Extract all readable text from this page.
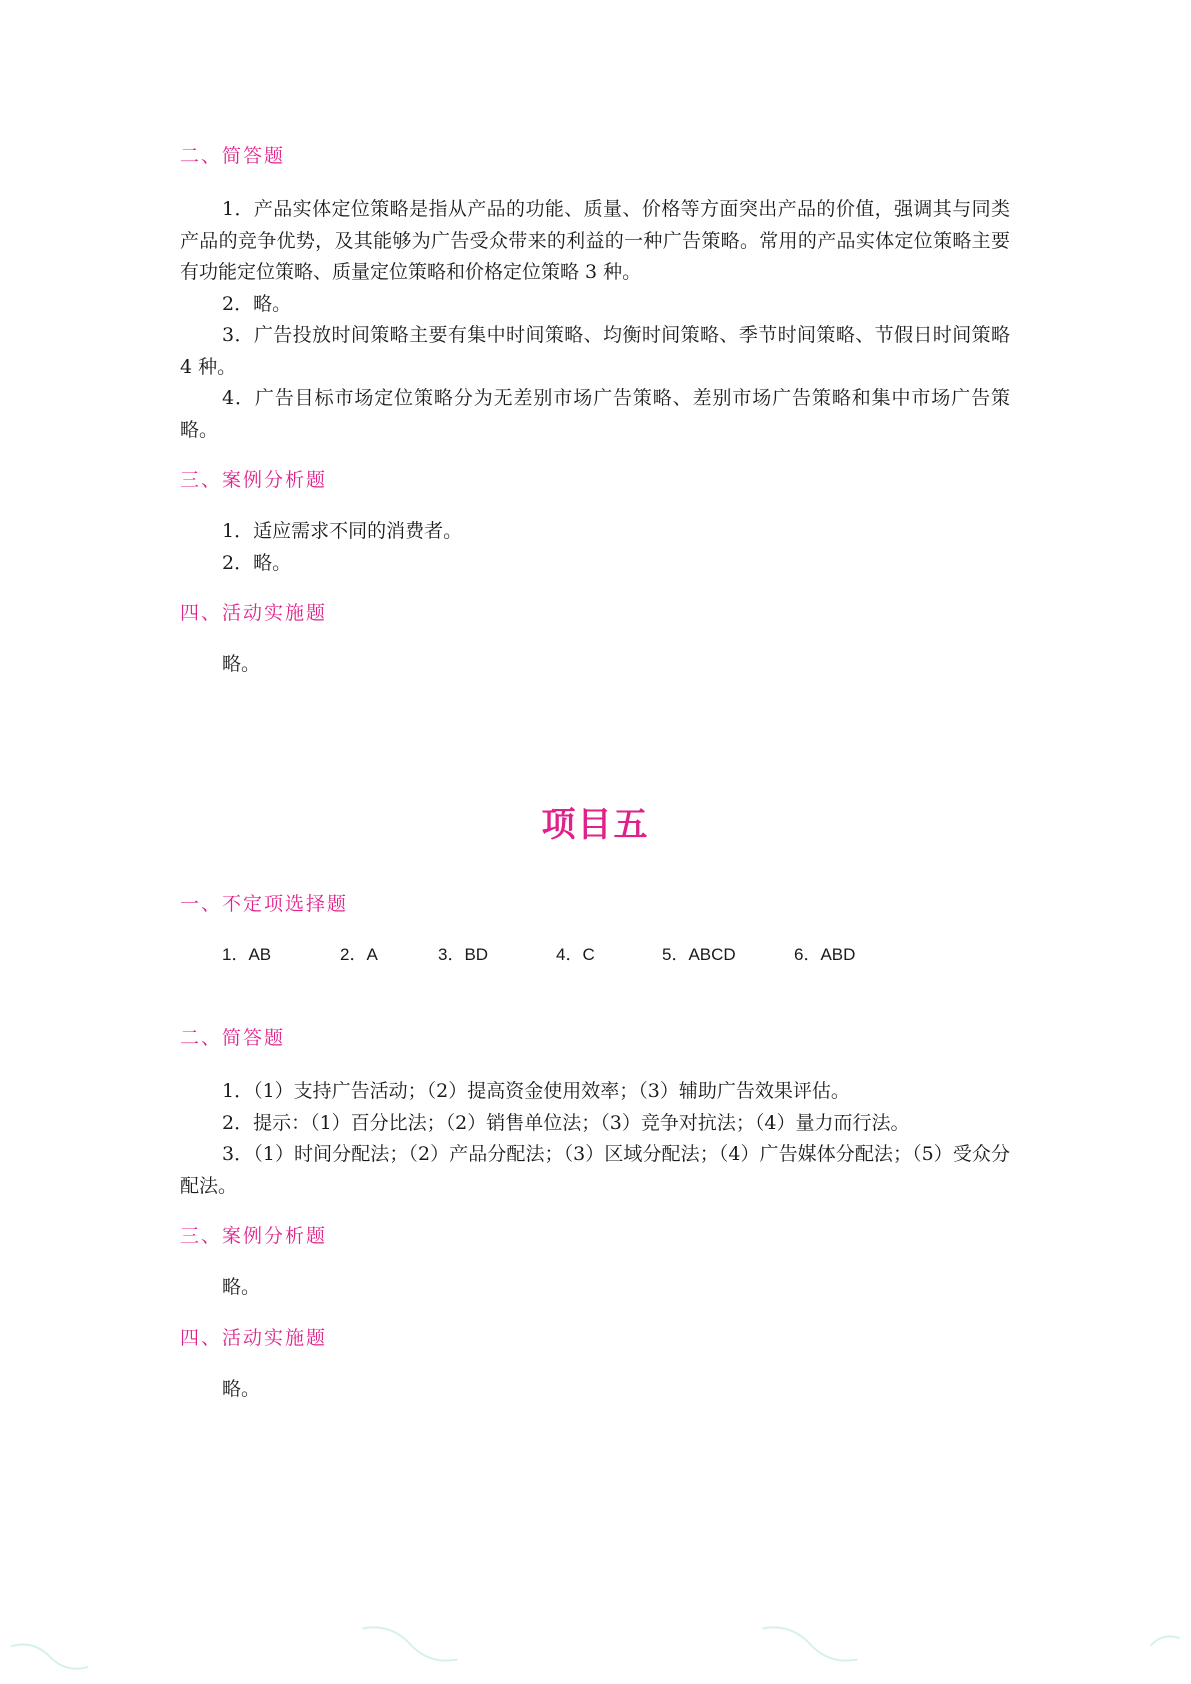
二、简答题

1．产品实体定位策略是指从产品的功能、质量、价格等方面突出产品的价值，强调其与同类产品的竞争优势，及其能够为广告受众带来的利益的一种广告策略。常用的产品实体定位策略主要有功能定位策略、质量定位策略和价格定位策略 3 种。

2．略。

3．广告投放时间策略主要有集中时间策略、均衡时间策略、季节时间策略、节假日时间策略 4 种。

4．广告目标市场定位策略分为无差别市场广告策略、差别市场广告策略和集中市场广告策略。

三、案例分析题

1．适应需求不同的消费者。

2．略。

四、活动实施题

略。

项目五
一、不定项选择题
1．AB	2．A	3．BD	4．C	5．ABCD	6．ABD
二、简答题

1．（1）支持广告活动；（2）提高资金使用效率；（3）辅助广告效果评估。

2．提示：（1）百分比法；（2）销售单位法；（3）竞争对抗法；（4）量力而行法。

3．（1）时间分配法；（2）产品分配法；（3）区域分配法；（4）广告媒体分配法；（5）受众分配法。

三、案例分析题

略。

四、活动实施题

略。
